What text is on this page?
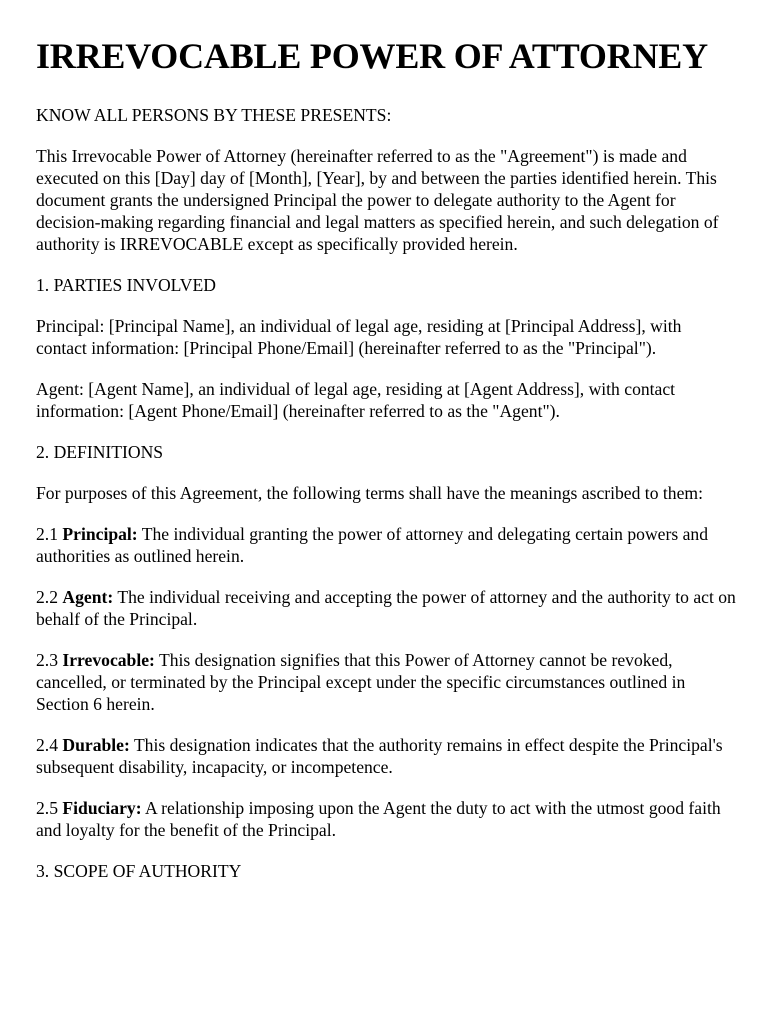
IRREVOCABLE POWER OF ATTORNEY

KNOW ALL PERSONS BY THESE PRESENTS:

This Irrevocable Power of Attorney (hereinafter referred to as the "Agreement") is made and executed on this [Day] day of [Month], [Year], by and between the parties identified herein. This document grants the undersigned Principal the power to delegate authority to the Agent for decision-making regarding financial and legal matters as specified herein, and such delegation of authority is IRREVOCABLE except as specifically provided herein.

1. PARTIES INVOLVED

Principal: [Principal Name], an individual of legal age, residing at [Principal Address], with contact information: [Principal Phone/Email] (hereinafter referred to as the "Principal").

Agent: [Agent Name], an individual of legal age, residing at [Agent Address], with contact information: [Agent Phone/Email] (hereinafter referred to as the "Agent").

2. DEFINITIONS

For purposes of this Agreement, the following terms shall have the meanings ascribed to them:

2.1 Principal: The individual granting the power of attorney and delegating certain powers and authorities as outlined herein.

2.2 Agent: The individual receiving and accepting the power of attorney and the authority to act on behalf of the Principal.

2.3 Irrevocable: This designation signifies that this Power of Attorney cannot be revoked, cancelled, or terminated by the Principal except under the specific circumstances outlined in Section 6 herein.

2.4 Durable: This designation indicates that the authority remains in effect despite the Principal's subsequent disability, incapacity, or incompetence.

2.5 Fiduciary: A relationship imposing upon the Agent the duty to act with the utmost good faith and loyalty for the benefit of the Principal.

3. SCOPE OF AUTHORITY
